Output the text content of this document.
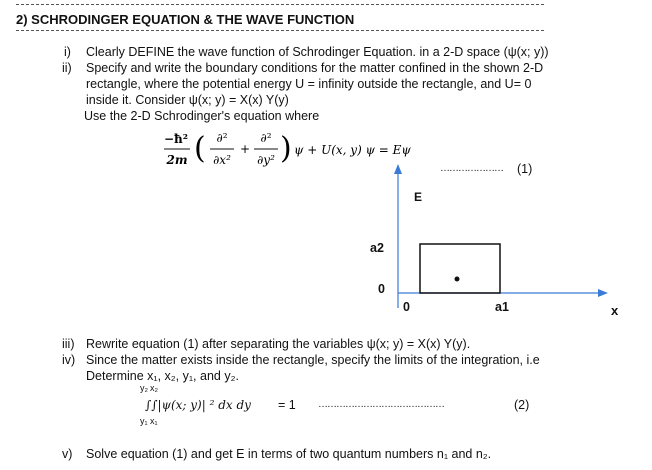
2) SCHRODINGER EQUATION & THE WAVE FUNCTION
i) Clearly DEFINE the wave function of Schrodinger Equation. in a 2-D space (ψ(x; y))
ii) Specify and write the boundary conditions for the matter confined in the shown 2-D
rectangle, where the potential energy U = infinity outside the rectangle, and U= 0
inside it. Consider ψ(x; y) = X(x) Y(y)
Use the 2-D Schrodinger's equation where
−ħ²
2m ( ∂²
∂x²
+
∂²
∂y² ) ψ + U(x, y) ψ = Eψ
………………… (1)
E
a2
0
0	a1	x
iii) Rewrite equation (1) after separating the variables ψ(x; y) = X(x) Y(y).
iv) Since the matter exists inside the rectangle, specify the limits of the integration, i.e
Determine x₁, x₂, y₁, and y₂.
y₂ x₂
∫∫|ψ(x; y)| ² dx dy = 1
y₁ x₁
……………………………………	(2)
v) Solve equation (1) and get E in terms of two quantum numbers n₁ and n₂.
